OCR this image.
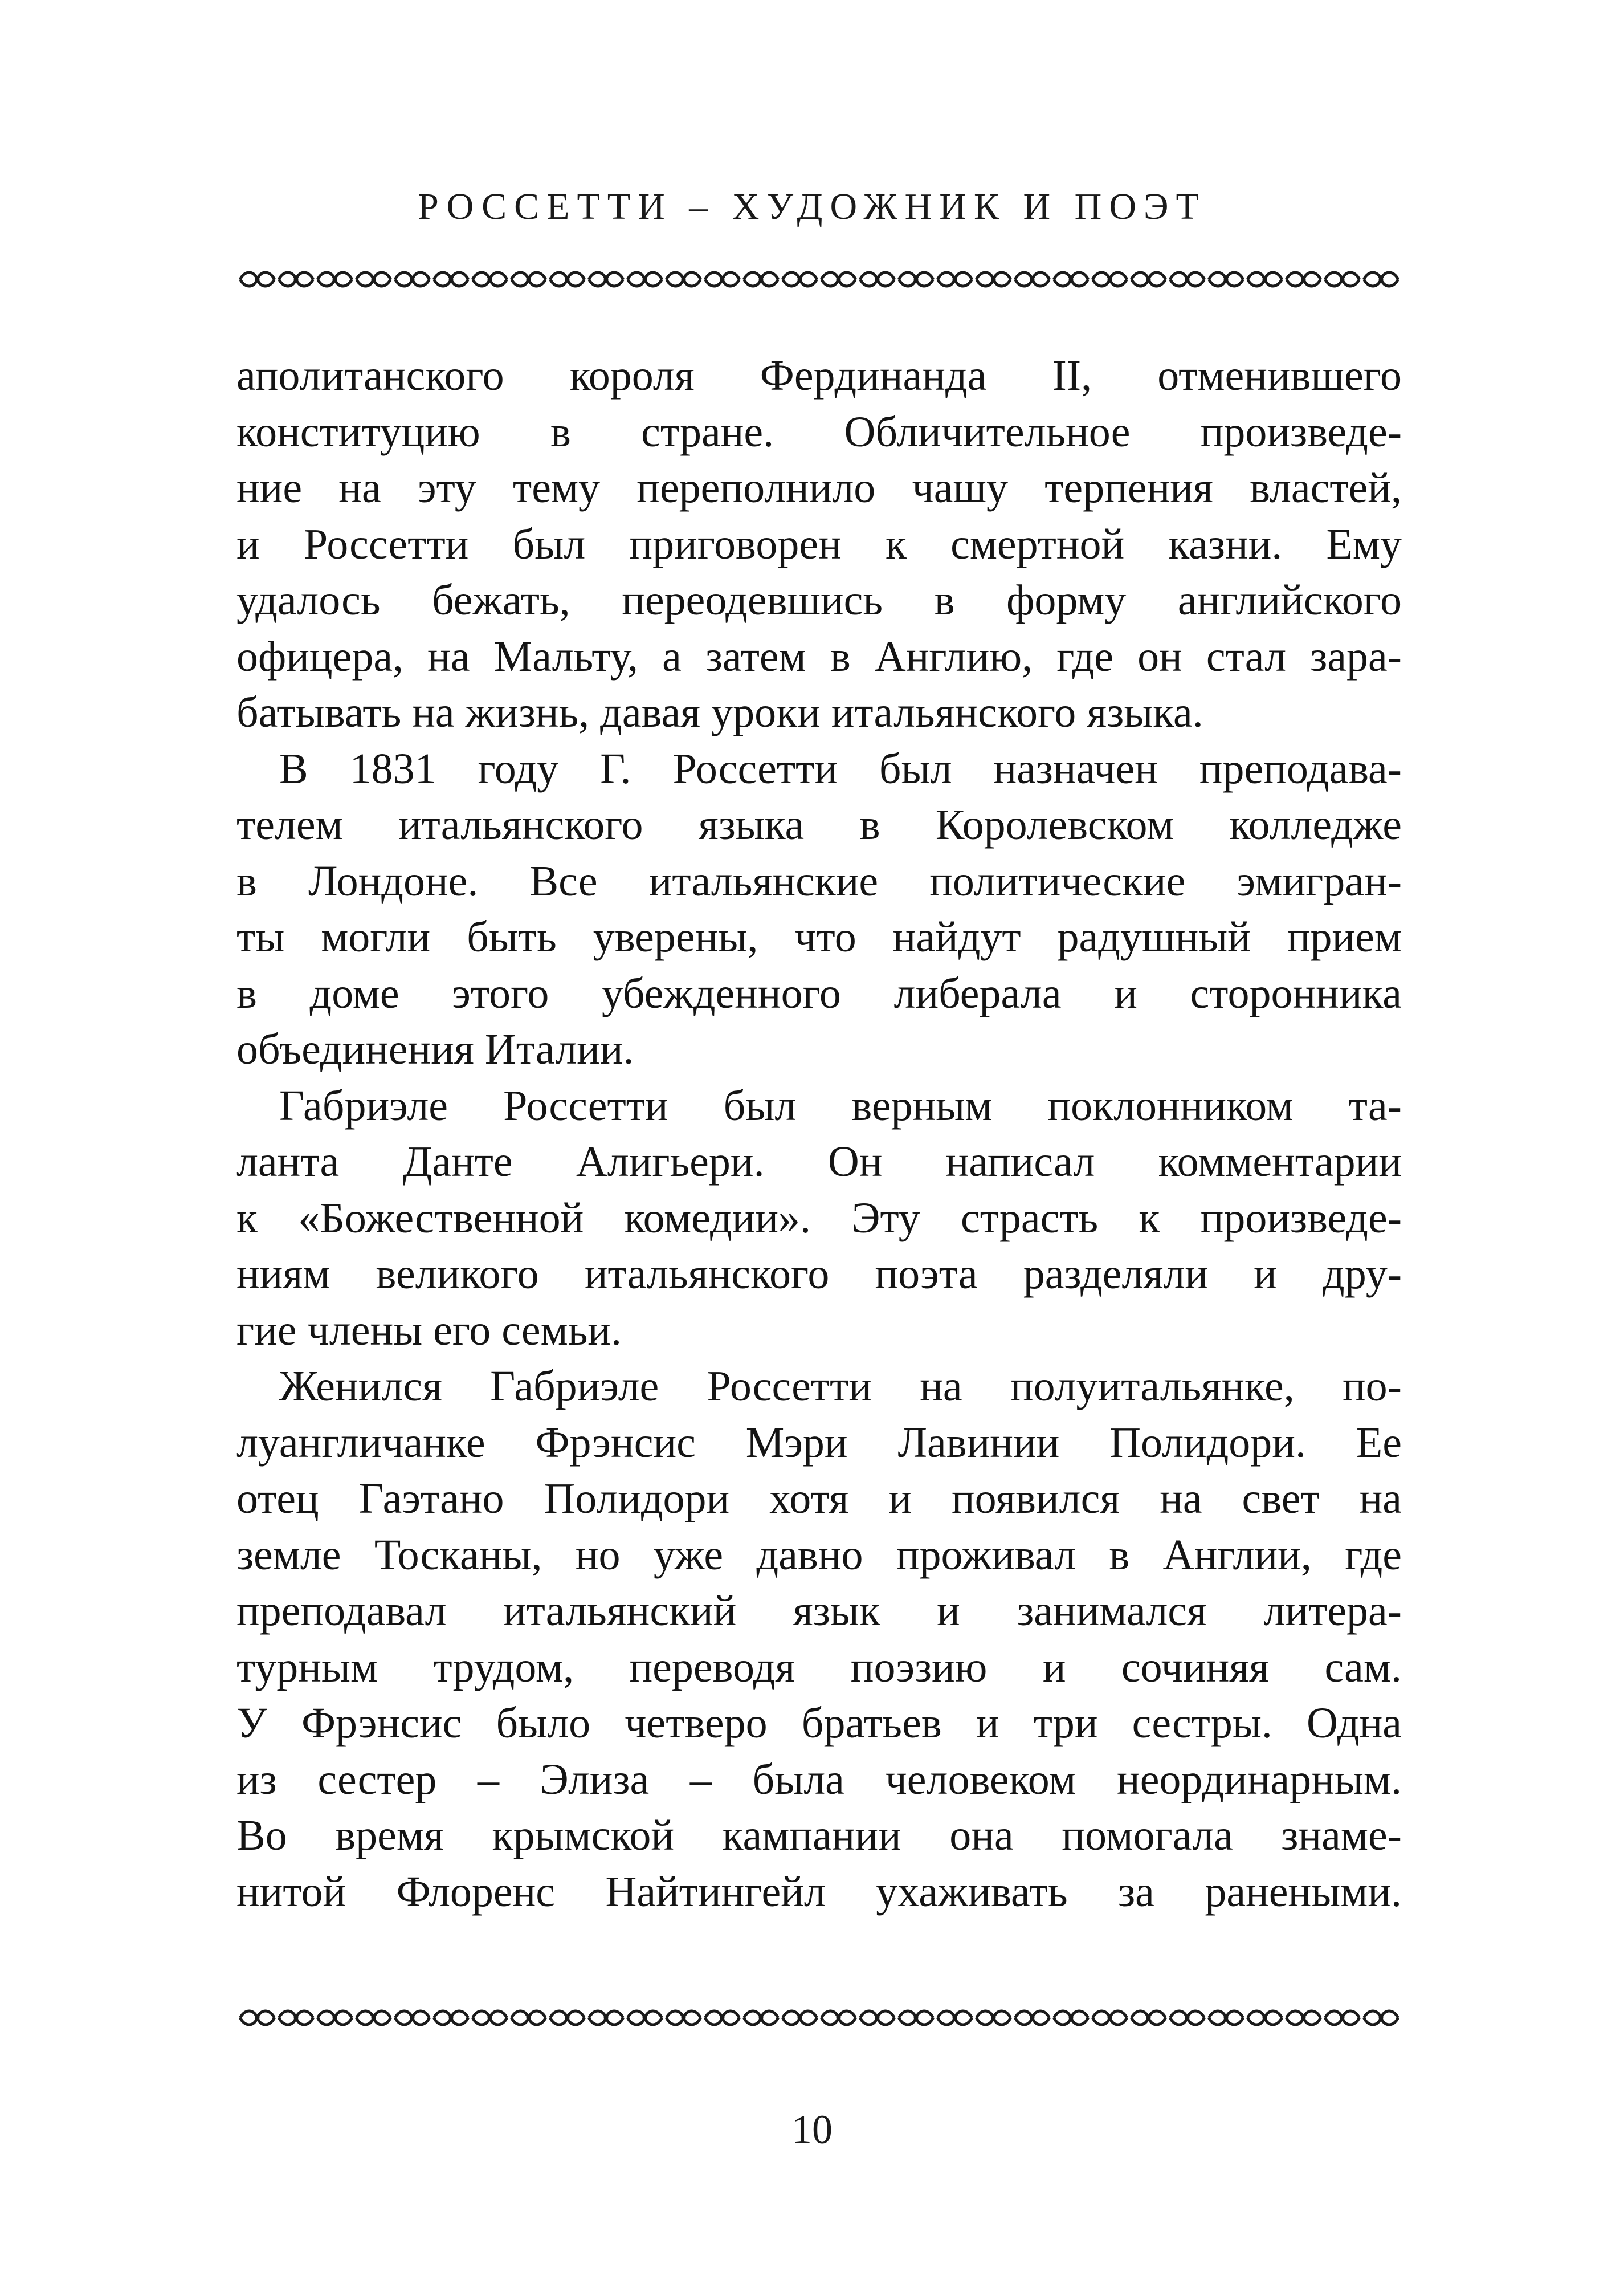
РОССЕТТИ – ХУДОЖНИК И ПОЭТ
аполитанского короля Фердинанда II, отменившего
конституцию в стране. Обличительное произведе-
ние на эту тему переполнило чашу терпения властей,
и Россетти был приговорен к смертной казни. Ему
удалось бежать, переодевшись в форму английского
офицера, на Мальту, а затем в Англию, где он стал зара-
батывать на жизнь, давая уроки итальянского языка.
В 1831 году Г. Россетти был назначен преподава-
телем итальянского языка в Королевском колледже
в Лондоне. Все итальянские политические эмигран-
ты могли быть уверены, что найдут радушный прием
в доме этого убежденного либерала и сторонника
объединения Италии.
Габриэле Россетти был верным поклонником та-
ланта Данте Алигьери. Он написал комментарии
к «Божественной комедии». Эту страсть к произведе-
ниям великого итальянского поэта разделяли и дру-
гие члены его семьи.
Женился Габриэле Россетти на полуитальянке, по-
луангличанке Фрэнсис Мэри Лавинии Полидори. Ее
отец Гаэтано Полидори хотя и появился на свет на
земле Тосканы, но уже давно проживал в Англии, где
преподавал итальянский язык и занимался литера-
турным трудом, переводя поэзию и сочиняя сам.
У Фрэнсис было четверо братьев и три сестры. Одна
из сестер – Элиза – была человеком неординарным.
Во время крымской кампании она помогала знаме-
нитой Флоренс Найтингейл ухаживать за ранеными.
10
